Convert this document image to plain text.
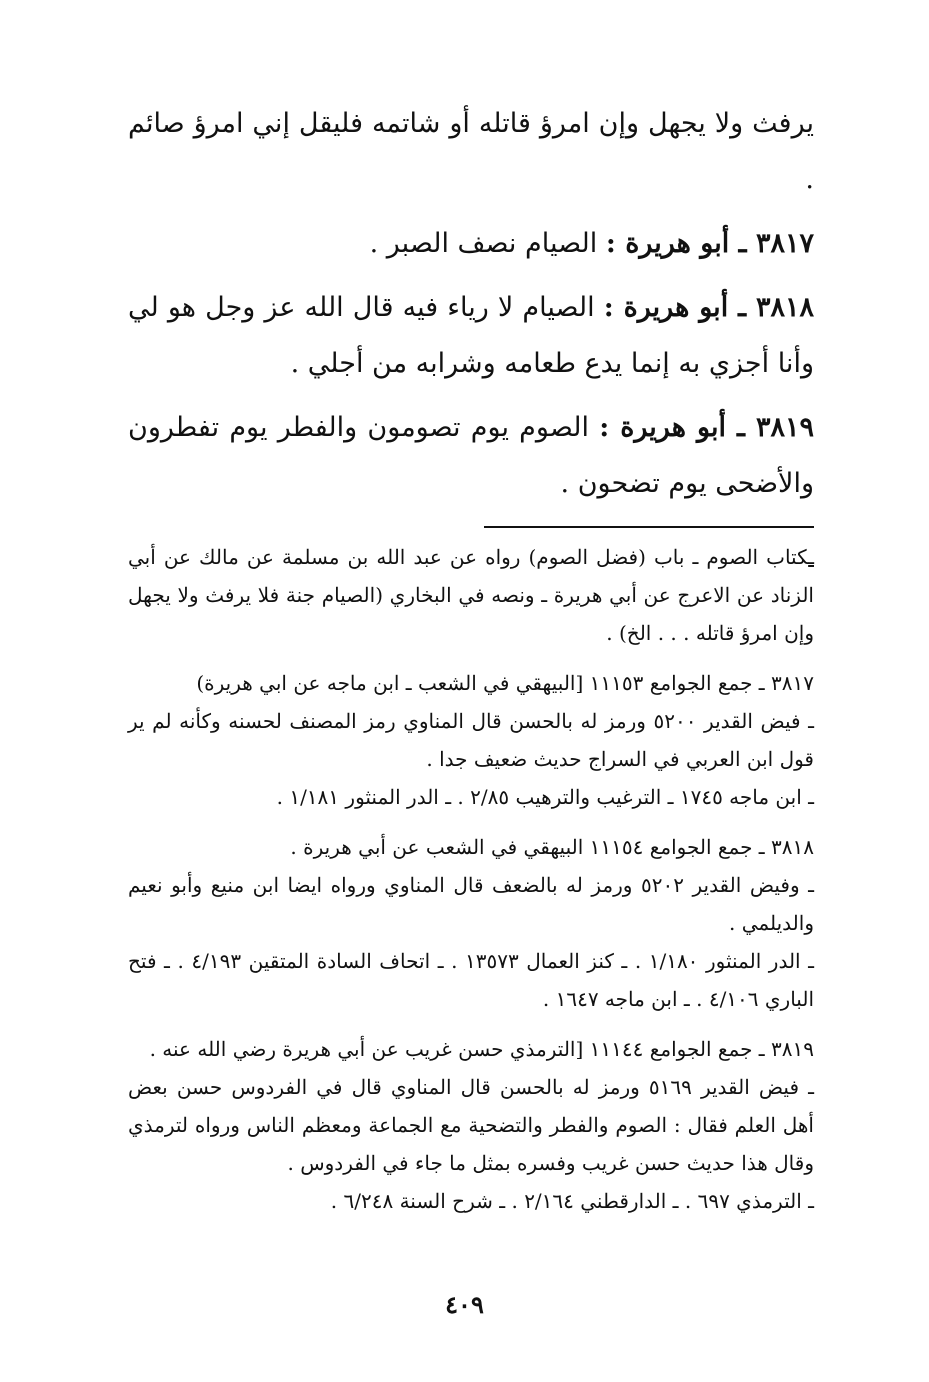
يرفث ولا يجهل وإن امرؤ قاتله أو شاتمه فليقل إني امرؤ صائم .

٣٨١٧ ـ أبو هريرة : الصيام نصف الصبر .

٣٨١٨ ـ أبو هريرة : الصيام لا رياء فيه قال الله عز وجل هو لي وأنا أجزي به إنما يدع طعامه وشرابه من أجلي .

٣٨١٩ ـ أبو هريرة : الصوم يوم تصومون والفطر يوم تفطرون والأضحى يوم تضحون .

ـكتاب الصوم ـ باب (فضل الصوم) رواه عن عبد الله بن مسلمة عن مالك عن أبي الزناد عن الاعرج عن أبي هريرة ـ ونصه في البخاري (الصيام جنة فلا يرفث ولا يجهل وإن امرؤ قاتله . . . الخ) .

٣٨١٧ ـ جمع الجوامع ١١١٥٣ [البيهقي في الشعب ـ ابن ماجه عن ابي هريرة)

ـ فيض القدير ٥٢٠٠ ورمز له بالحسن قال المناوي رمز المصنف لحسنه وكأنه لم ير قول ابن العربي في السراج حديث ضعيف جدا .

ـ ابن ماجه ١٧٤٥ ـ الترغيب والترهيب ٢/٨٥ . ـ الدر المنثور ١/١٨١ .

٣٨١٨ ـ جمع الجوامع ١١١٥٤ البيهقي في الشعب عن أبي هريرة .

ـ وفيض القدير ٥٢٠٢ ورمز له بالضعف قال المناوي ورواه ايضا ابن منيع وأبو نعيم والديلمي .

ـ الدر المنثور ١/١٨٠ . ـ كنز العمال ١٣٥٧٣ . ـ اتحاف السادة المتقين ٤/١٩٣ . ـ فتح الباري ٤/١٠٦ . ـ ابن ماجه ١٦٤٧ .

٣٨١٩ ـ جمع الجوامع ١١١٤٤ [الترمذي حسن غريب عن أبي هريرة رضي الله عنه .

ـ فيض القدير ٥١٦٩ ورمز له بالحسن قال المناوي قال في الفردوس حسن بعض أهل العلم فقال : الصوم والفطر والتضحية مع الجماعة ومعظم الناس ورواه لترمذي وقال هذا حديث حسن غريب وفسره بمثل ما جاء في الفردوس .

ـ الترمذي ٦٩٧ . ـ الدارقطني ٢/١٦٤ . ـ شرح السنة ٦/٢٤٨ .

٤٠٩
